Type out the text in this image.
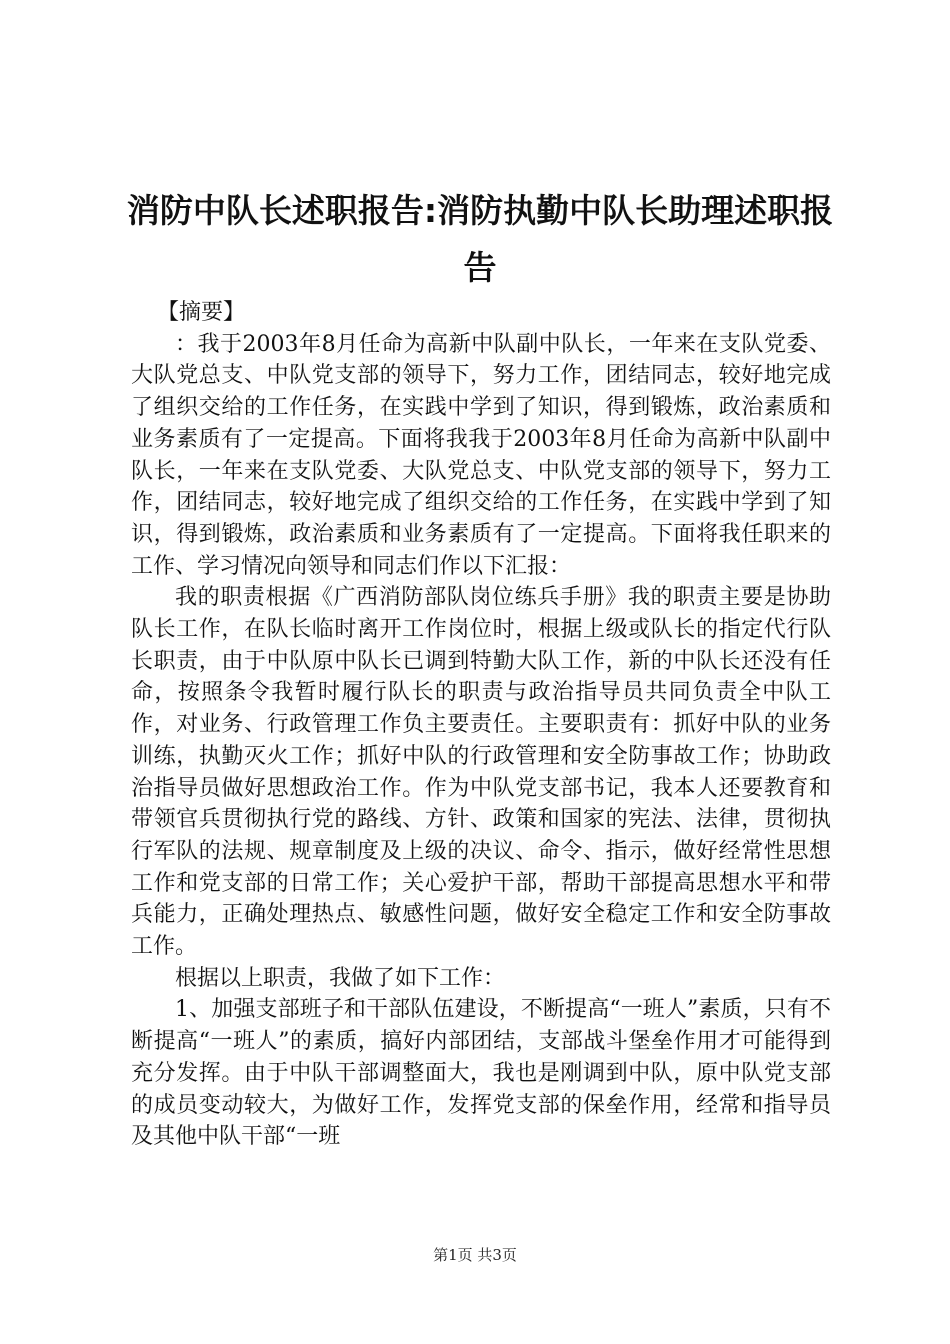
消防中队长述职报告:消防执勤中队长助理述职报告

【摘要】

：我于2003年8月任命为高新中队副中队长，一年来在支队党委、大队党总支、中队党支部的领导下，努力工作，团结同志，较好地完成了组织交给的工作任务，在实践中学到了知识，得到锻炼，政治素质和业务素质有了一定提高。下面将我我于2003年8月任命为高新中队副中队长，一年来在支队党委、大队党总支、中队党支部的领导下，努力工作，团结同志，较好地完成了组织交给的工作任务，在实践中学到了知识，得到锻炼，政治素质和业务素质有了一定提高。下面将我任职来的工作、学习情况向领导和同志们作以下汇报：

我的职责根据《广西消防部队岗位练兵手册》我的职责主要是协助队长工作，在队长临时离开工作岗位时，根据上级或队长的指定代行队长职责，由于中队原中队长已调到特勤大队工作，新的中队长还没有任命，按照条令我暂时履行队长的职责与政治指导员共同负责全中队工作，对业务、行政管理工作负主要责任。主要职责有：抓好中队的业务训练，执勤灭火工作；抓好中队的行政管理和安全防事故工作；协助政治指导员做好思想政治工作。作为中队党支部书记，我本人还要教育和带领官兵贯彻执行党的路线、方针、政策和国家的宪法、法律，贯彻执行军队的法规、规章制度及上级的决议、命令、指示，做好经常性思想工作和党支部的日常工作；关心爱护干部，帮助干部提高思想水平和带兵能力，正确处理热点、敏感性问题，做好安全稳定工作和安全防事故工作。

根据以上职责，我做了如下工作：

1、加强支部班子和干部队伍建设，不断提高“一班人”素质，只有不断提高“一班人”的素质，搞好内部团结，支部战斗堡垒作用才可能得到充分发挥。由于中队干部调整面大，我也是刚调到中队，原中队党支部的成员变动较大，为做好工作，发挥党支部的保垒作用，经常和指导员及其他中队干部“一班

第1页 共3页
